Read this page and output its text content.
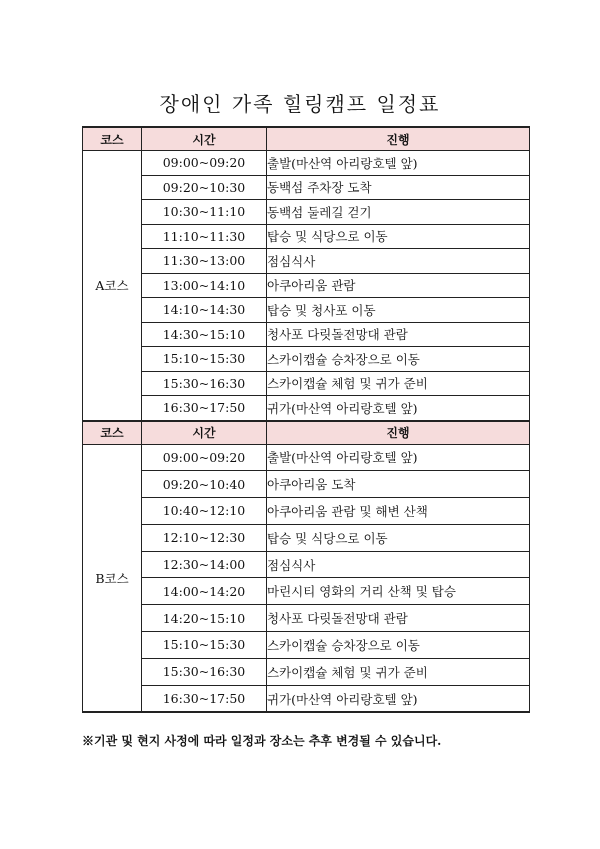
장애인 가족 힐링캠프 일정표
코스	시간	진행
A코스	09:00~09:20	출발(마산역 아리랑호텔 앞)
	09:20~10:30	동백섬 주차장 도착
	10:30~11:10	동백섬 둘레길 걷기
	11:10~11:30	탑승 및 식당으로 이동
	11:30~13:00	점심식사
	13:00~14:10	아쿠아리움 관람
	14:10~14:30	탑승 및 청사포 이동
	14:30~15:10	청사포 다릿돌전망대 관람
	15:10~15:30	스카이캡슐 승차장으로 이동
	15:30~16:30	스카이캡슐 체험 및 귀가 준비
	16:30~17:50	귀가(마산역 아리랑호텔 앞)
코스	시간	진행
B코스	09:00~09:20	출발(마산역 아리랑호텔 앞)
	09:20~10:40	아쿠아리움 도착
	10:40~12:10	아쿠아리움 관람 및 해변 산책
	12:10~12:30	탑승 및 식당으로 이동
	12:30~14:00	점심식사
	14:00~14:20	마린시티 영화의 거리 산책 및 탑승
	14:20~15:10	청사포 다릿돌전망대 관람
	15:10~15:30	스카이캡슐 승차장으로 이동
	15:30~16:30	스카이캡슐 체험 및 귀가 준비
	16:30~17:50	귀가(마산역 아리랑호텔 앞)
※기관 및 현지 사정에 따라 일정과 장소는 추후 변경될 수 있습니다.
